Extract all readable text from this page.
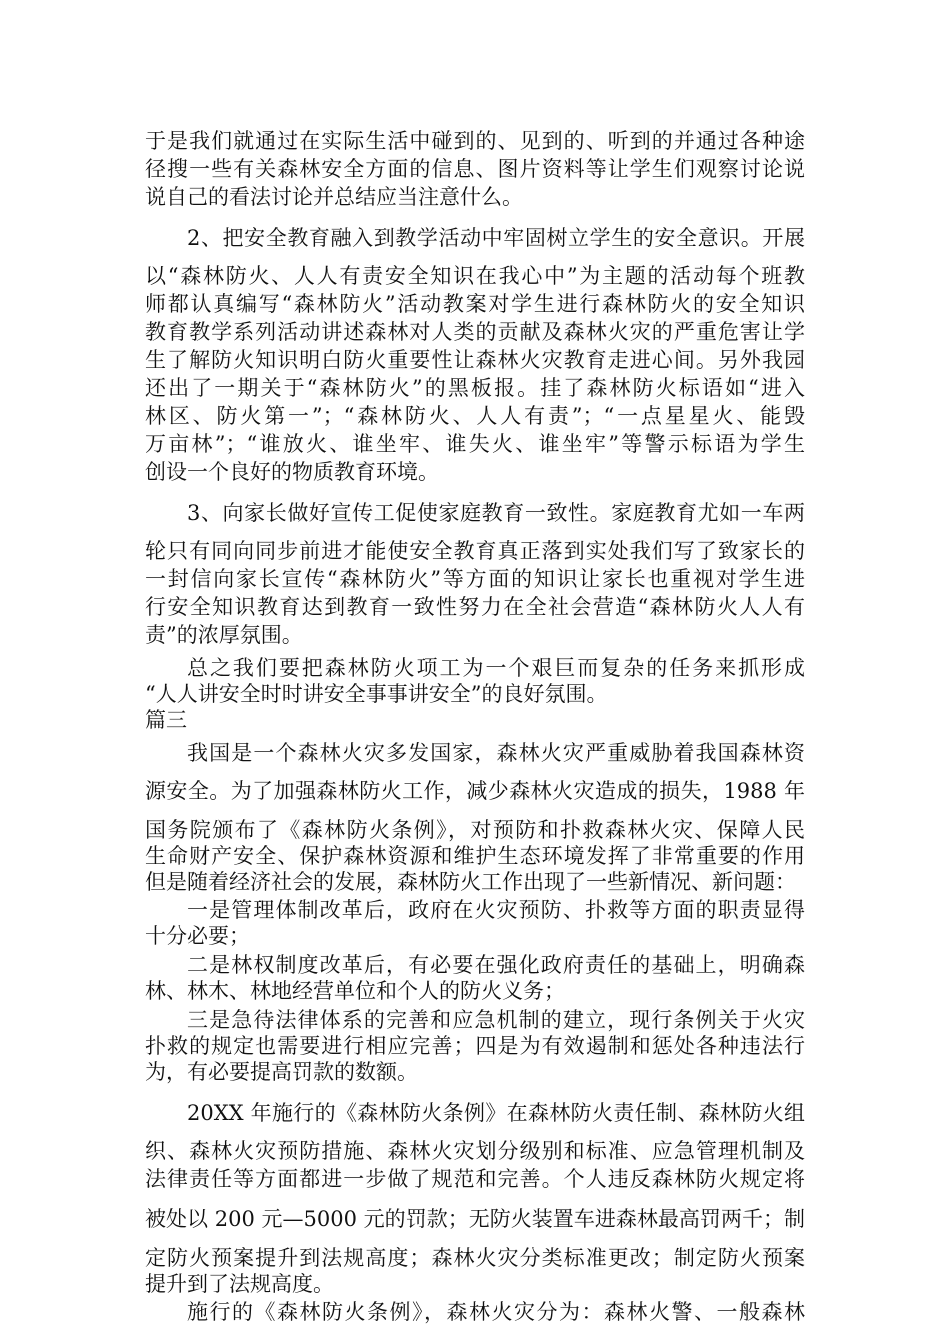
于是我们就通过在实际生活中碰到的、见到的、听到的并通过各种途
径搜一些有关森林安全方面的信息、图片资料等让学生们观察讨论说
说自己的看法讨论并总结应当注意什么。
2、把安全教育融入到教学活动中牢固树立学生的安全意识。开展
以“森林防火、人人有责安全知识在我心中”为主题的活动每个班教
师都认真编写“森林防火”活动教案对学生进行森林防火的安全知识
教育教学系列活动讲述森林对人类的贡献及森林火灾的严重危害让学
生了解防火知识明白防火重要性让森林火灾教育走进心间。另外我园
还出了一期关于“森林防火”的黑板报。挂了森林防火标语如“进入
林区、防火第一”；“森林防火、人人有责”；“一点星星火、能毁
万亩林”；“谁放火、谁坐牢、谁失火、谁坐牢”等警示标语为学生
创设一个良好的物质教育环境。
3、向家长做好宣传工促使家庭教育一致性。家庭教育尤如一车两
轮只有同向同步前进才能使安全教育真正落到实处我们写了致家长的
一封信向家长宣传“森林防火”等方面的知识让家长也重视对学生进
行安全知识教育达到教育一致性努力在全社会营造“森林防火人人有
责”的浓厚氛围。
总之我们要把森林防火项工为一个艰巨而复杂的任务来抓形成
“人人讲安全时时讲安全事事讲安全”的良好氛围。
篇三
我国是一个森林火灾多发国家，森林火灾严重威胁着我国森林资
源安全。为了加强森林防火工作，减少森林火灾造成的损失，1988 年
国务院颁布了《森林防火条例》，对预防和扑救森林火灾、保障人民
生命财产安全、保护森林资源和维护生态环境发挥了非常重要的作用
但是随着经济社会的发展，森林防火工作出现了一些新情况、新问题：
一是管理体制改革后，政府在火灾预防、扑救等方面的职责显得
十分必要；
二是林权制度改革后，有必要在强化政府责任的基础上，明确森
林、林木、林地经营单位和个人的防火义务；
三是急待法律体系的完善和应急机制的建立，现行条例关于火灾
扑救的规定也需要进行相应完善；四是为有效遏制和惩处各种违法行
为，有必要提高罚款的数额。
20XX 年施行的《森林防火条例》在森林防火责任制、森林防火组
织、森林火灾预防措施、森林火灾划分级别和标准、应急管理机制及
法律责任等方面都进一步做了规范和完善。个人违反森林防火规定将
被处以 200 元—5000 元的罚款；无防火装置车进森林最高罚两千；制
定防火预案提升到法规高度；森林火灾分类标准更改；制定防火预案
提升到了法规高度。
施行的《森林防火条例》，森林火灾分为：森林火警、一般森林
